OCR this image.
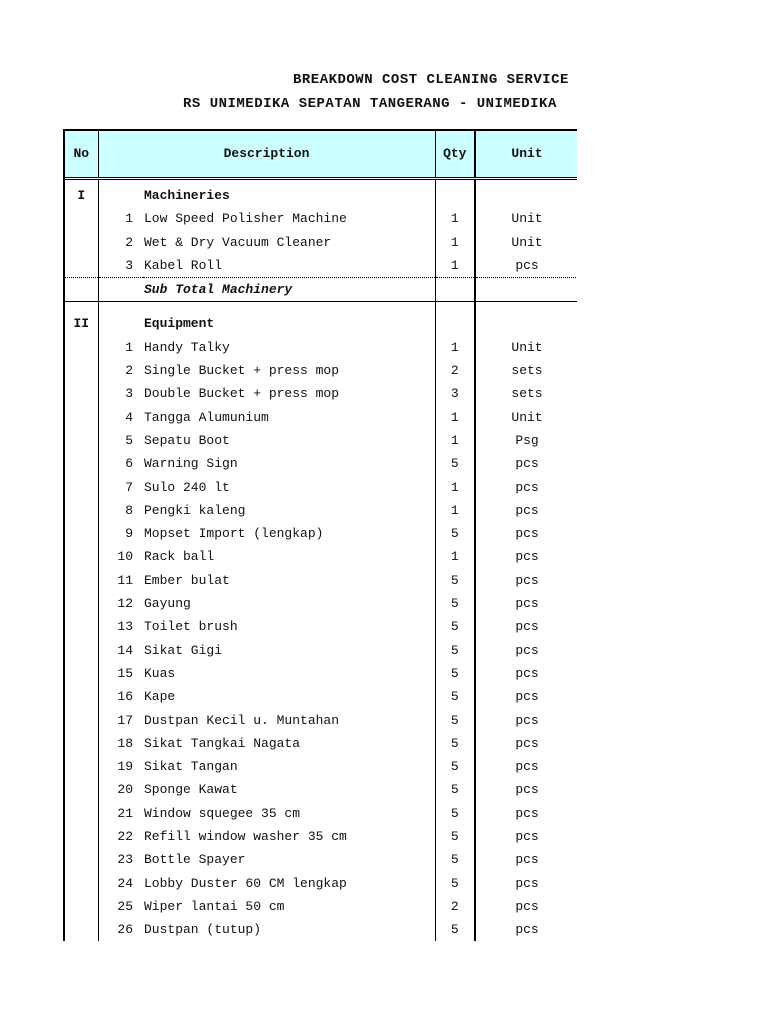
BREAKDOWN COST CLEANING SERVICE
RS UNIMEDIKA SEPATAN TANGERANG - UNIMEDIKA
No	Description		Qty	Unit

I		Machineries		
	1	Low Speed Polisher Machine	1	Unit
	2	Wet & Dry Vacuum Cleaner	1	Unit
	3	Kabel Roll	1	pcs
		Sub Total Machinery		

II		Equipment		
	1	Handy Talky	1	Unit
	2	Single Bucket + press mop	2	sets
	3	Double Bucket + press mop	3	sets
	4	Tangga Alumunium	1	Unit
	5	Sepatu Boot	1	Psg
	6	Warning Sign	5	pcs
	7	Sulo 240 lt	1	pcs
	8	Pengki kaleng	1	pcs
	9	Mopset Import (lengkap)	5	pcs
	10	Rack ball	1	pcs
	11	Ember bulat	5	pcs
	12	Gayung	5	pcs
	13	Toilet brush	5	pcs
	14	Sikat Gigi	5	pcs
	15	Kuas	5	pcs
	16	Kape	5	pcs
	17	Dustpan Kecil u. Muntahan	5	pcs
	18	Sikat Tangkai Nagata	5	pcs
	19	Sikat Tangan	5	pcs
	20	Sponge Kawat	5	pcs
	21	Window squegee 35 cm	5	pcs
	22	Refill window washer 35 cm	5	pcs
	23	Bottle Spayer	5	pcs
	24	Lobby Duster 60 CM lengkap	5	pcs
	25	Wiper lantai 50 cm	2	pcs
	26	Dustpan (tutup)	5	pcs
